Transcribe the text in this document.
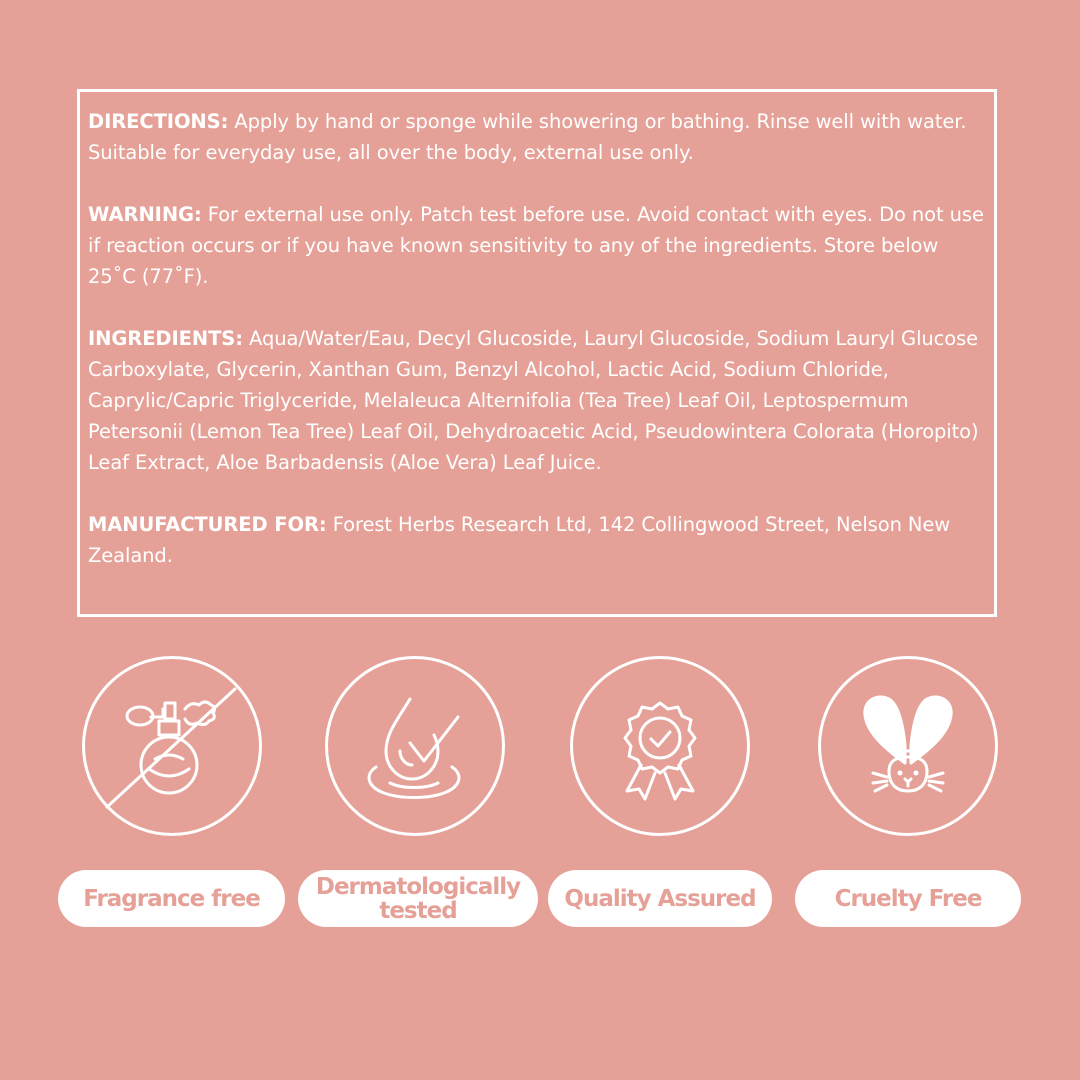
DIRECTIONS: Apply by hand or sponge while showering or bathing. Rinse well with water. Suitable for everyday use, all over the body, external use only.

WARNING: For external use only. Patch test before use. Avoid contact with eyes. Do not use if reaction occurs or if you have known sensitivity to any of the ingredients. Store below 25˚C (77˚F).

INGREDIENTS: Aqua/Water/Eau, Decyl Glucoside, Lauryl Glucoside, Sodium Lauryl Glucose Carboxylate, Glycerin, Xanthan Gum, Benzyl Alcohol, Lactic Acid, Sodium Chloride, Caprylic/Capric Triglyceride, Melaleuca Alternifolia (Tea Tree) Leaf Oil, Leptospermum Petersonii (Lemon Tea Tree) Leaf Oil, Dehydroacetic Acid, Pseudowintera Colorata (Horopito) Leaf Extract, Aloe Barbadensis (Aloe Vera) Leaf Juice.

MANUFACTURED FOR: Forest Herbs Research Ltd, 142 Collingwood Street, Nelson New Zealand.

Fragrance free	Dermatologically tested	Quality Assured	Cruelty Free
